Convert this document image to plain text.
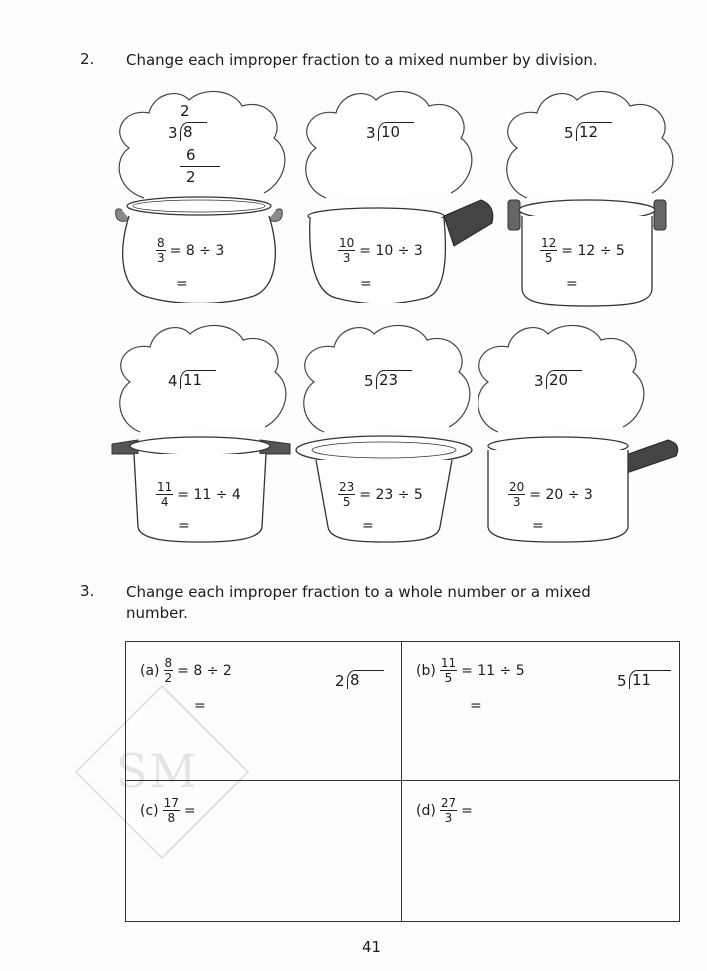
2. Change each improper fraction to a mixed number by division.
2
3 8
6
2
$\frac{8}{3} = 8 \div 3$
=
3 10
$\frac{10}{3} = 10 \div 3$
=
5 12
$\frac{12}{5} = 12 \div 5$
=
4 11
$\frac{11}{4} = 11 \div 4$
=
5 23
$\frac{23}{5} = 23 \div 5$
=
3 20
$\frac{20}{3} = 20 \div 3$
=
3. Change each improper fraction to a whole number or a mixed
number.
SM
$(a) \frac{8}{2} = 8 \div 2$
=
2 8
$(b) \frac{11}{5} = 11 \div 5$
=
5 11
$(c) \frac{17}{8}$ =	$(d) \frac{27}{3}$ =
41
